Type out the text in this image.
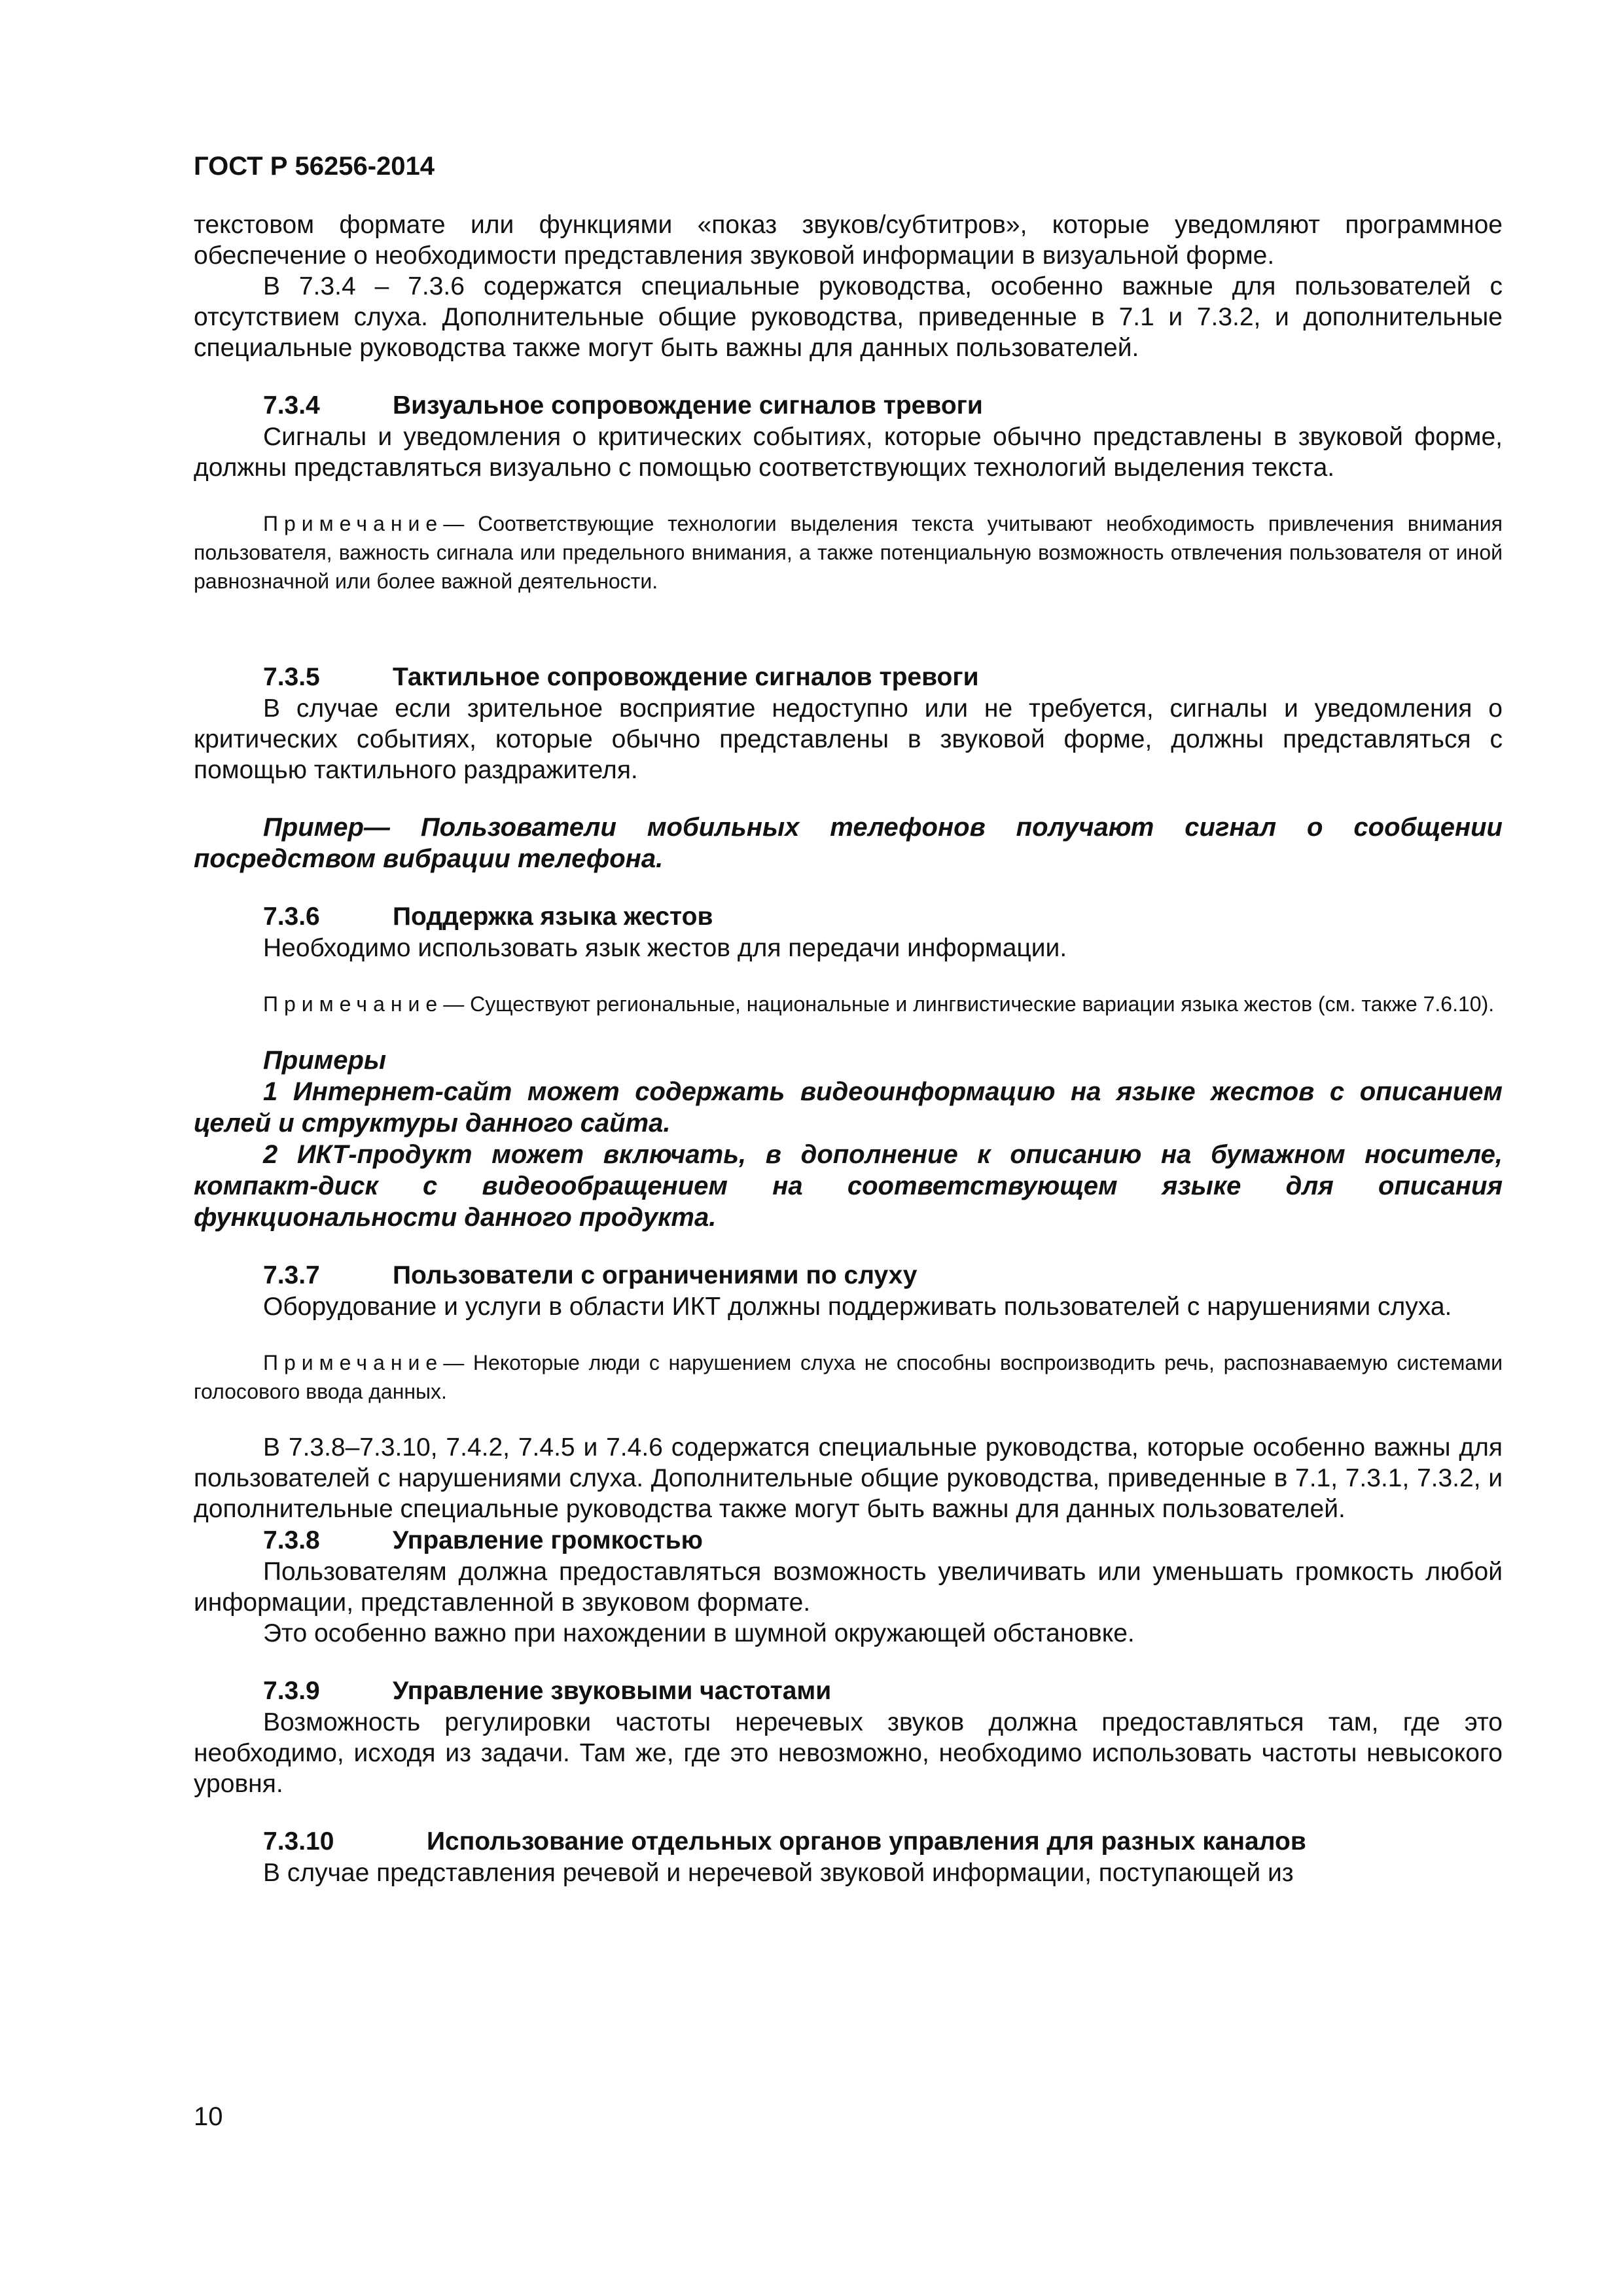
ГОСТ Р 56256-2014

текстовом формате или функциями «показ звуков/субтитров», которые уведомляют программное обеспечение о необходимости представления звуковой информации в визуальной форме.

В 7.3.4 – 7.3.6 содержатся специальные руководства, особенно важные для пользователей с отсутствием слуха. Дополнительные общие руководства, приведенные в 7.1 и 7.3.2, и дополнительные специальные руководства также могут быть важны для данных пользователей.

7.3.4	Визуальное сопровождение сигналов тревоги

Сигналы и уведомления о критических событиях, которые обычно представлены в звуковой форме, должны представляться визуально с помощью соответствующих технологий выделения текста.

Примечание— Соответствующие технологии выделения текста учитывают необходимость привлечения внимания пользователя, важность сигнала или предельного внимания, а также потенциальную возможность отвлечения пользователя от иной равнозначной или более важной деятельности.

7.3.5	Тактильное сопровождение сигналов тревоги

В случае если зрительное восприятие недоступно или не требуется, сигналы и уведомления о критических событиях, которые обычно представлены в звуковой форме, должны представляться с помощью тактильного раздражителя.

Пример— Пользователи мобильных телефонов получают сигнал о сообщении посредством вибрации телефона.

7.3.6	Поддержка языка жестов

Необходимо использовать язык жестов для передачи информации.

Примечание— Существуют региональные, национальные и лингвистические вариации языка жестов (см. также 7.6.10).

Примеры

1 Интернет-сайт может содержать видеоинформацию на языке жестов с описанием целей и структуры данного сайта.

2 ИКТ-продукт может включать, в дополнение к описанию на бумажном носителе, компакт-диск с видеообращением на соответствующем языке для описания функциональности данного продукта.

7.3.7	Пользователи с ограничениями по слуху

Оборудование и услуги в области ИКТ должны поддерживать пользователей с нарушениями слуха.

Примечание— Некоторые люди с нарушением слуха не способны воспроизводить речь, распознаваемую системами голосового ввода данных.

В 7.3.8–7.3.10, 7.4.2, 7.4.5 и 7.4.6 содержатся специальные руководства, которые особенно важны для пользователей с нарушениями слуха. Дополнительные общие руководства, приведенные в 7.1, 7.3.1, 7.3.2, и дополнительные специальные руководства также могут быть важны для данных пользователей.

7.3.8	Управление громкостью

Пользователям должна предоставляться возможность увеличивать или уменьшать громкость любой информации, представленной в звуковом формате.

Это особенно важно при нахождении в шумной окружающей обстановке.

7.3.9	Управление звуковыми частотами

Возможность регулировки частоты неречевых звуков должна предоставляться там, где это необходимо, исходя из задачи. Там же, где это невозможно, необходимо использовать частоты невысокого уровня.

7.3.10	Использование отдельных органов управления для разных каналов

В случае представления речевой и неречевой звуковой информации, поступающей из

10
